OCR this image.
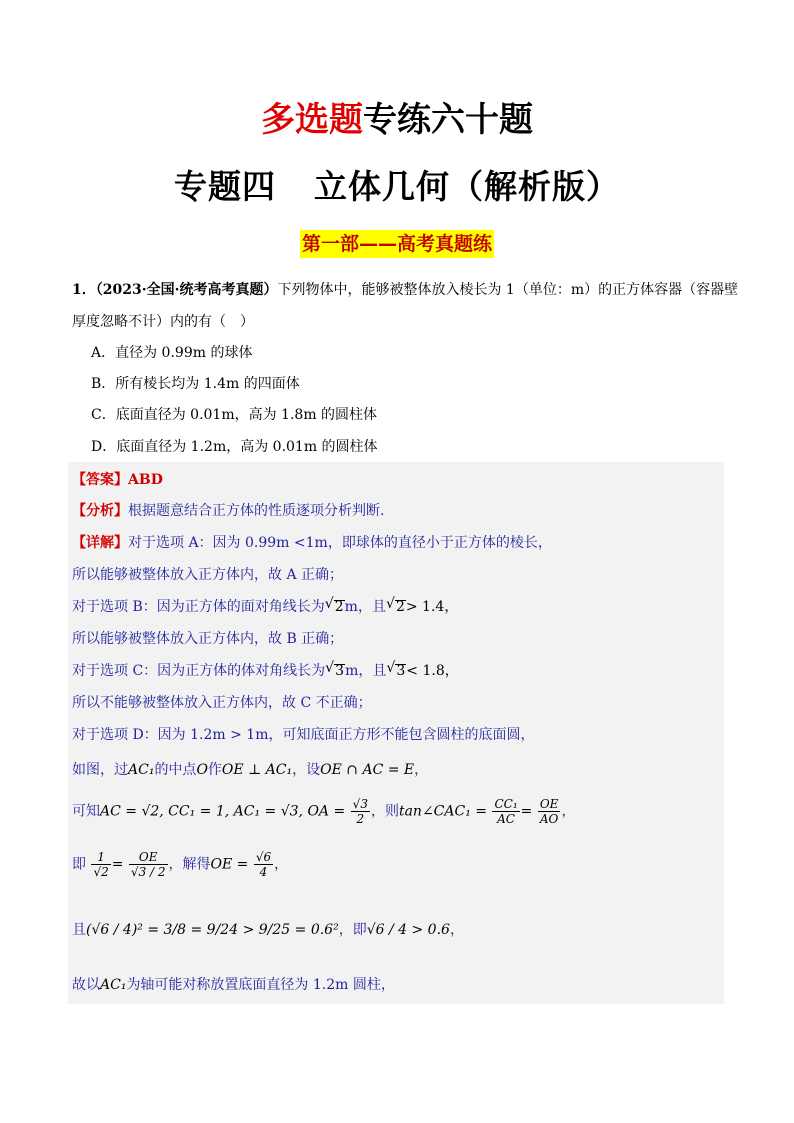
多选题专练六十题
专题四 立体几何（解析版）
第一部——高考真题练
1．（2023·全国·统考高考真题）下列物体中，能够被整体放入棱长为 1（单位：m）的正方体容器（容器壁
厚度忽略不计）内的有（　）
A．直径为 0.99m 的球体
B．所有棱长均为 1.4m 的四面体
C．底面直径为 0.01m，高为 1.8m 的圆柱体
D．底面直径为 1.2m，高为 0.01m 的圆柱体
【答案】ABD
【分析】根据题意结合正方体的性质逐项分析判断.
【详解】对于选项 A：因为 0.99m <1m，即球体的直径小于正方体的棱长，
所以能够被整体放入正方体内，故 A 正确；
对于选项 B：因为正方体的面对角线长为 √ 2m，且 √ 2> 1.4，
所以能够被整体放入正方体内，故 B 正确；
对于选项 C：因为正方体的体对角线长为 √ 3m，且 √ 3< 1.8，
所以不能够被整体放入正方体内，故 C 不正确；
对于选项 D：因为 1.2m > 1m，可知底面正方形不能包含圆柱的底面圆，
如图，过AC₁的中点O作OE ⊥ AC₁，设OE ∩ AC = E，
可知AC = √2, CC₁ = 1, AC₁ = √3, OA = $\frac{√3}{2}$ ，则tan∠CAC₁ = $\frac{\text{CC₁}}{AC} = \frac{OE}{AO}$ ，
即 $\frac{1}{√2} = \frac{OE}{√3 / 2}$ ，解得OE = $\frac{√6}{4}$ ，
且(√6 / 4)² = 3/8 = 9/24 > 9/25 = 0.6²，即√6 / 4 > 0.6，
故以AC₁为轴可能对称放置底面直径为 1.2m 圆柱，
